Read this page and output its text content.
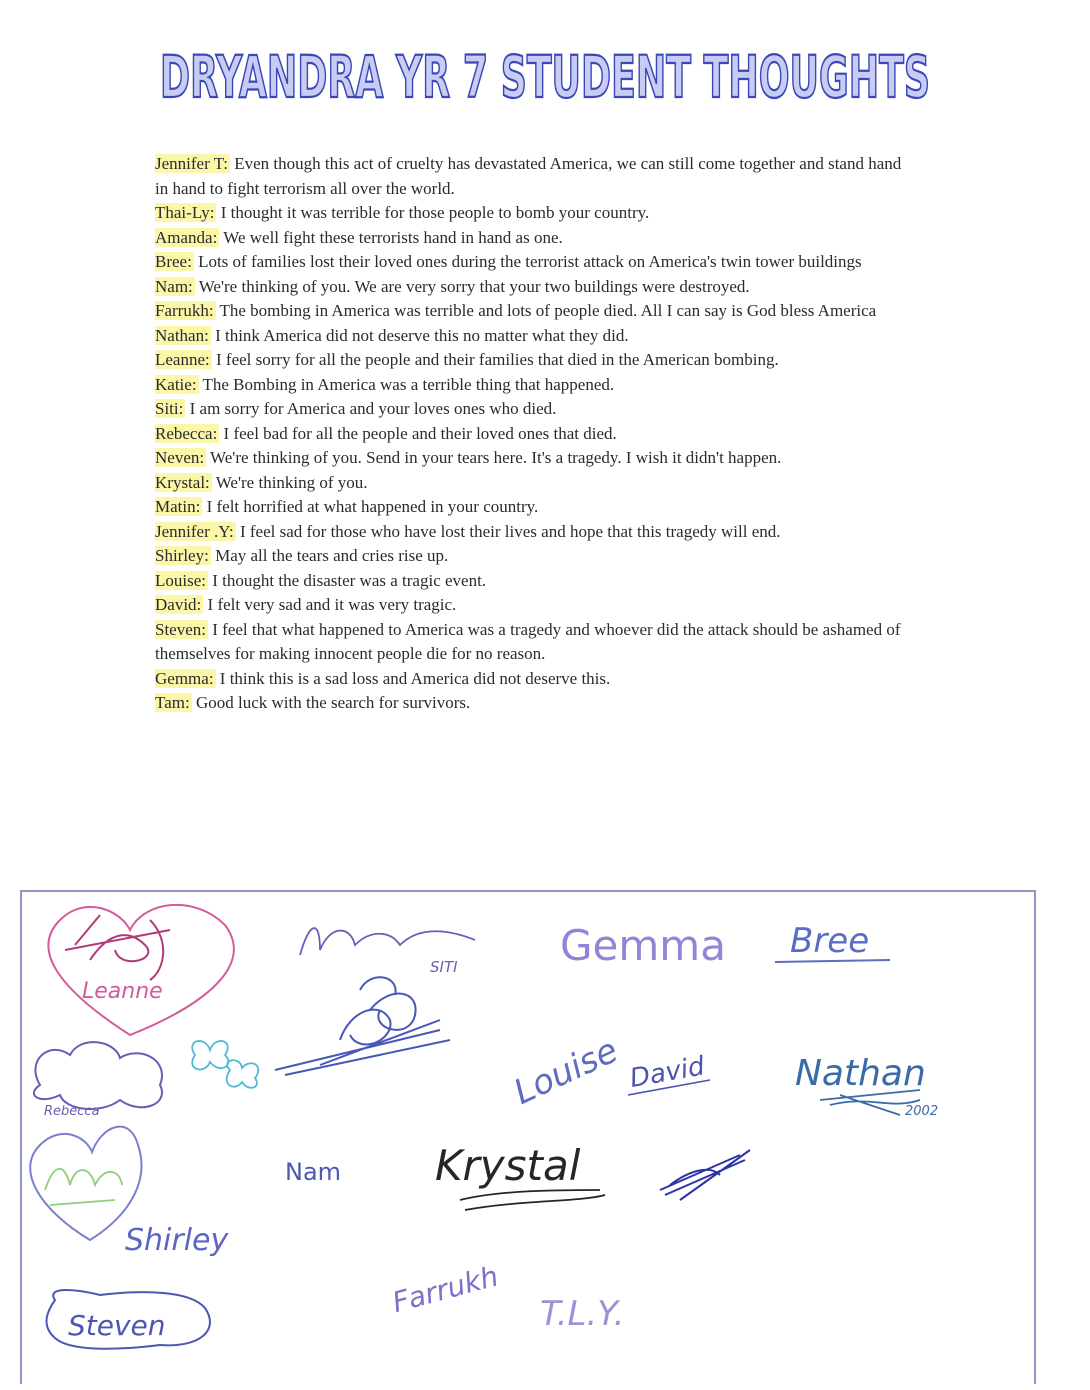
DRYANDRA YR 7 STUDENT THOUGHTS

Jennifer T: Even though this act of cruelty has devastated America, we can still come together and stand hand in hand to fight terrorism all over the world.

Thai-Ly: I thought it was terrible for those people to bomb your country.

Amanda: We well fight these terrorists hand in hand as one.

Bree: Lots of families lost their loved ones during the terrorist attack on America's twin tower buildings

Nam: We're thinking of you. We are very sorry that your two buildings were destroyed.

Farrukh: The bombing in America was terrible and lots of people died. All I can say is God bless America

Nathan: I think America did not deserve this no matter what they did.

Leanne: I feel sorry for all the people and their families that died in the American bombing.

Katie: The Bombing in America was a terrible thing that happened.

Siti: I am sorry for America and your loves ones who died.

Rebecca: I feel bad for all the people and their loved ones that died.

Neven: We're thinking of you. Send in your tears here. It's a tragedy. I wish it didn't happen.

Krystal: We're thinking of you.

Matin: I felt horrified at what happened in your country.

Jennifer .Y: I feel sad for those who have lost their lives and hope that this tragedy will end.

Shirley: May all the tears and cries rise up.

Louise: I thought the disaster was a tragic event.

David: I felt very sad and it was very tragic.

Steven: I feel that what happened to America was a tragedy and whoever did the attack should be ashamed of themselves for making innocent people die for no reason.

Gemma: I think this is a sad loss and America did not deserve this.

Tam: Good luck with the search for survivors.

Leanne
SITI Gemma Bree
Rebecca	Louise David Nathan
2002
Nam Krystal
Shirley
Farrukh T.L.Y.
Steven
